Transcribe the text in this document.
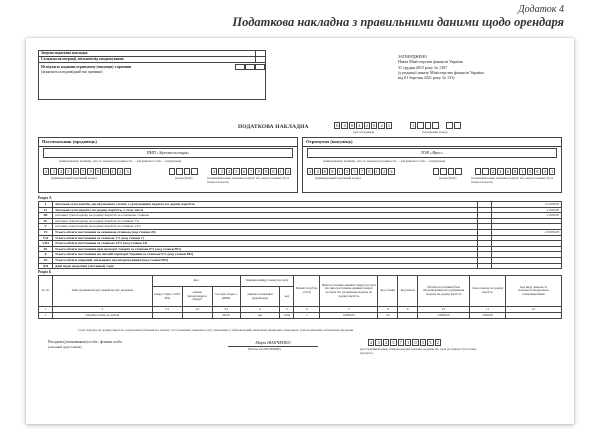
Додаток 4
Податкова накладна з правильними даними щодо орендаря
Зведена податкова накладна
Складена на операції, звільнені від оподаткування
Не підлягає наданню отримувачу (покупцю) з причини
(зазначається відповідний тип причини)
ЗАТВЕРДЖЕНО
Наказ Міністерства фінансів України
31 грудня 2015 року № 1307
(у редакції наказу Міністерства фінансів України
від 01 березня 2021 року № 131)
ПОДАТКОВА НАКЛАДНА	0	4	0	4	2	0	2	1	1
(дата складання)	(порядковий номер)
Постачальник (продавець)
ПНП «Зірочка-агенція»
(найменування; прізвище, ім'я, по батькові (за наявності) — для фізичної особи — підприємця)
2	3	4	5	6	7	8	9	0	1	2	3	2	3	4	5	6	7	8	9	0	1	2
(індивідуальний податковий номер)	(номер філії¹)	(податковий номер платника податку² або серія (за наявності) та номер паспорта³)
Отримувач (покупець)
ТОВ «Ярос»
(найменування; прізвище, ім'я, по батькові (за наявності) — для фізичної особи — підприємця)
2	4	6	8	1	3	5	7	0	1	2	4	2	4	6	8	1	0	8	4	1
(індивідуальний податковий номер)	(номер філії¹)	(податковий номер платника податку² або серія (за наявності) та номер паспорта³)
Розділ А
I	Загальна сума коштів, що підлягають сплаті, з урахуванням податку на додану вартість		12 000,00
II	Загальна сума податку на додану вартість, у тому числі		2 000,00
III	загальна сума податку на додану вартість за основною ставкою		2 000,00
IV	загальна сума податку на додану вартість за ставкою 7%		
V	загальна сума податку на додану вартість за ставкою 14%		
VI	Усього обсяги постачання за основною ставкою (код ставки 20)		10 000,00
VII	Усього обсяги постачання за ставкою 7% (код ставки 7)		
VIII	Усього обсяги постачання за ставкою 14% (код ставки 14)		
IX	Усього обсяги постачання при експорті товарів за ставкою 0% (код ставки 901)		
X	Усього обсяги постачання на митній території України за ставкою 0% (код ставки 902)		
XI	Усього обсяги операцій, звільнених від оподаткування (код ставки 903)		
XII	Дані щодо зворотної (заставної) тари		
Розділ Б
№ з/п	Опис (номенклатура) товарів/послуг продавця	Код			Одиниця виміру товару/послуги		Кількість (об'єм, обсяг)	Ціна постачання одиниці товару/послуги або ціна постачання одиниці товару/послуги без урахування податку на додану вартість	Код ставки	Код пільги	Обсяги постачання (база оподаткування) без урахування податку на додану вартість	Сума податку на додану вартість	Код виду діяльності сільськогосподарського товаровиробника
		товару згідно з УКТ ЗЕД	ознаки імпортованого товару⁴	послуги згідно з ДКПП	умовне позначення (українське)	код							
1	2	3.1	3.2	3.3	4	5	6	7	8	9	10	11	12
1	Орендна плата за лютий			68.20	грн	2454	1	10000,00	20		10000,00	2000,00	
Сума податку на додану вартість, нарахована (сплачена) в зв'язку з постачанням товарів/послуг, зазначених у цій накладній, визначена правильно, відповідає сумі податкових зобов'язань продавця.
Посадова (уповноважена) особа / фізична особа
(законний представник)
Марія ІВАНЧЕНКО
(Власне ім'я ПРІЗВИЩЕ)
2	3	4	5	7	1	0	5	3	2
(реєстраційний номер облікової картки платника податків або серія (за наявності) та номер паспорта)
